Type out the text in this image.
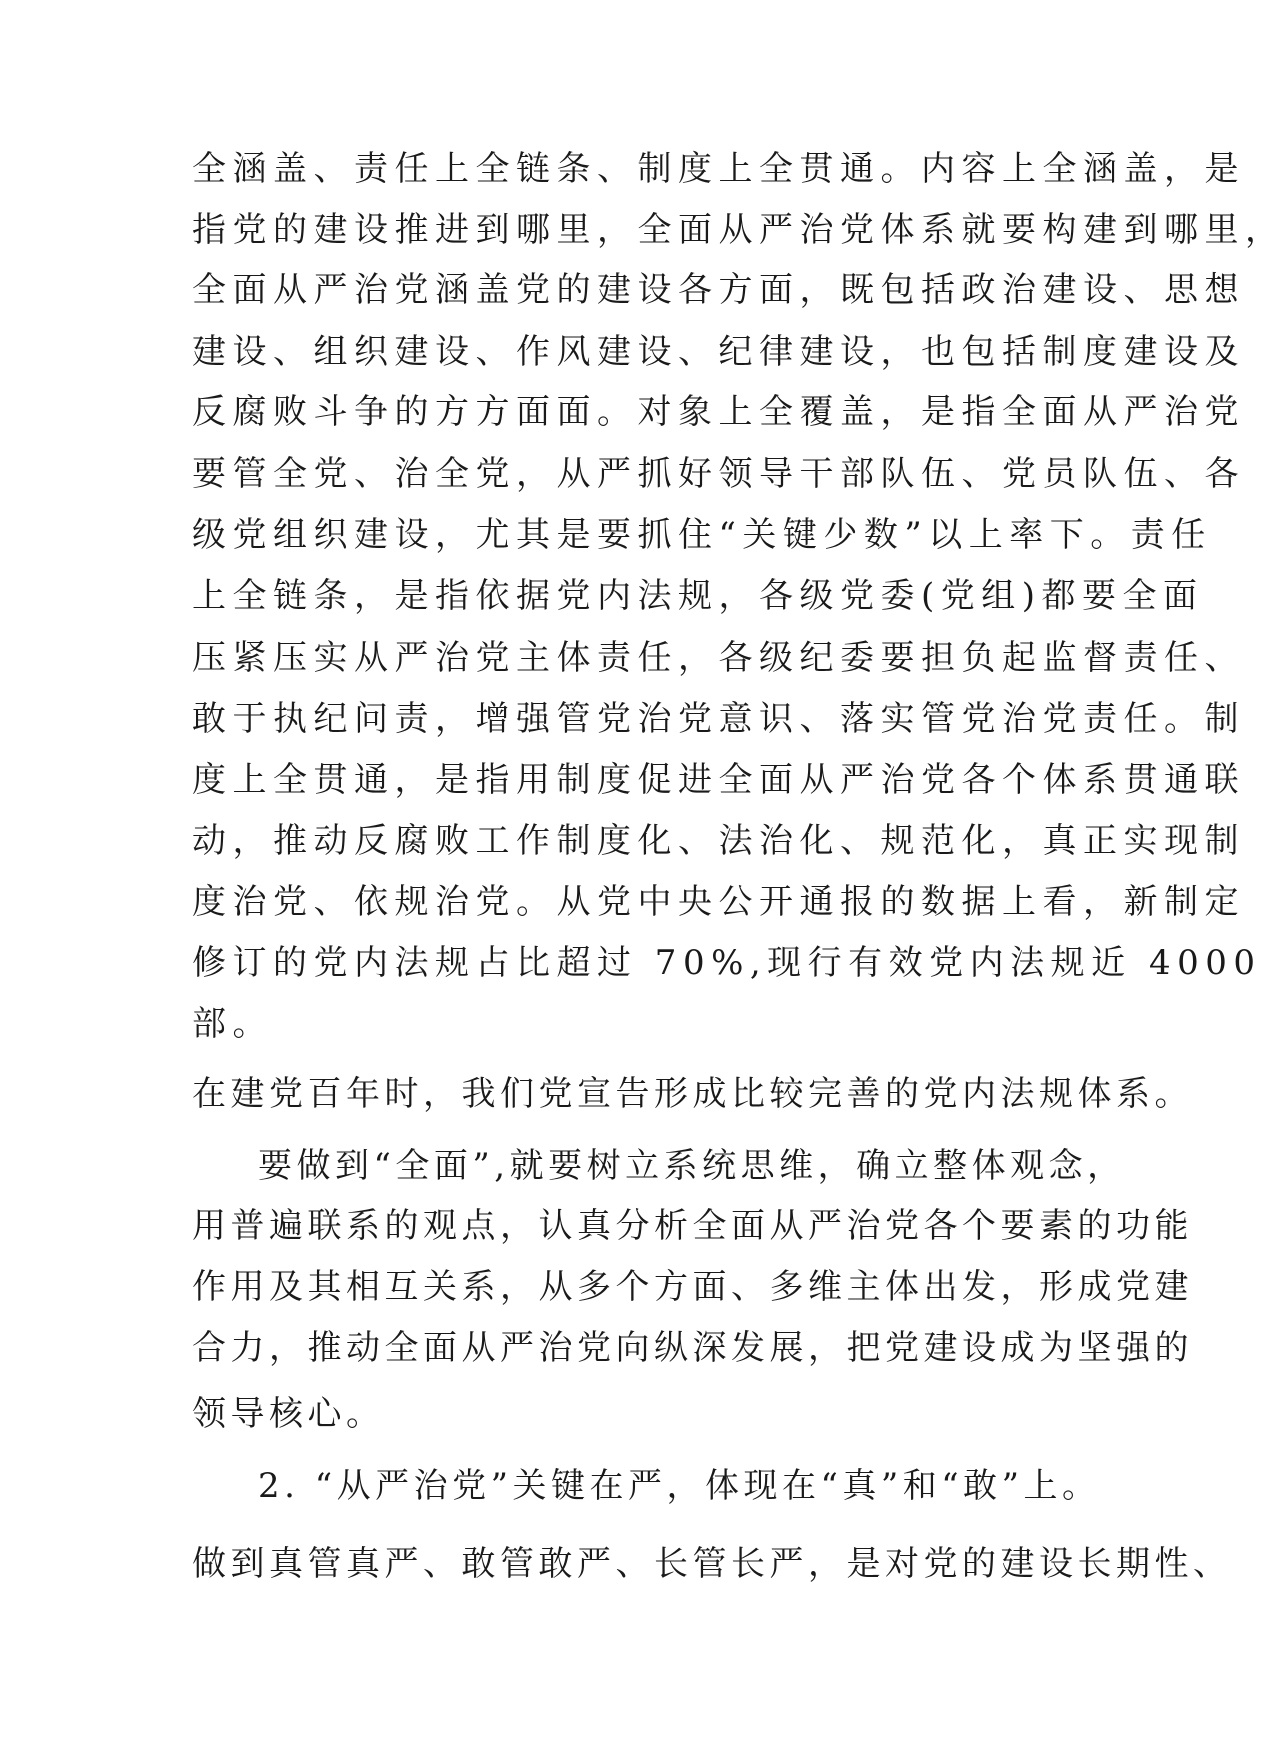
全涵盖、责任上全链条、制度上全贯通。内容上全涵盖，是
指党的建设推进到哪里，全面从严治党体系就要构建到哪里，
全面从严治党涵盖党的建设各方面，既包括政治建设、思想
建设、组织建设、作风建设、纪律建设，也包括制度建设及
反腐败斗争的方方面面。对象上全覆盖，是指全面从严治党
要管全党、治全党，从严抓好领导干部队伍、党员队伍、各
级党组织建设，尤其是要抓住“关键少数”以上率下。责任
上全链条，是指依据党内法规，各级党委(党组)都要全面
压紧压实从严治党主体责任，各级纪委要担负起监督责任、
敢于执纪问责，增强管党治党意识、落实管党治党责任。制
度上全贯通，是指用制度促进全面从严治党各个体系贯通联
动，推动反腐败工作制度化、法治化、规范化，真正实现制
度治党、依规治党。从党中央公开通报的数据上看，新制定
修订的党内法规占比超过 70%,现行有效党内法规近 4000
部。
在建党百年时，我们党宣告形成比较完善的党内法规体系。
要做到“全面”,就要树立系统思维，确立整体观念，
用普遍联系的观点，认真分析全面从严治党各个要素的功能
作用及其相互关系，从多个方面、多维主体出发，形成党建
合力，推动全面从严治党向纵深发展，把党建设成为坚强的
领导核心。
2. “从严治党”关键在严，体现在“真”和“敢”上。
做到真管真严、敢管敢严、长管长严，是对党的建设长期性、
